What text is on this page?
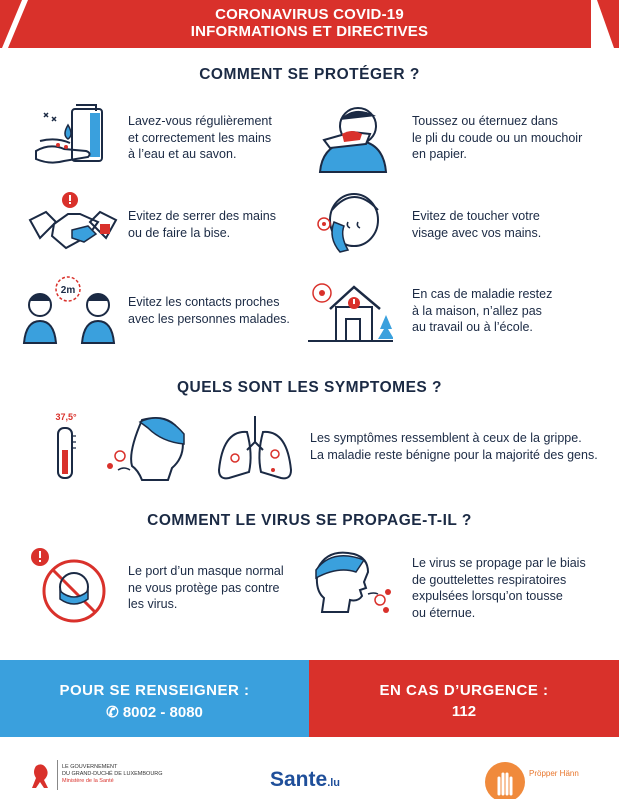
CORONAVIRUS COVID-19
INFORMATIONS ET DIRECTIVES
COMMENT SE PROTÉGER ?
Lavez-vous régulièrement
et correctement les mains
à l’eau et au savon.
Toussez ou éternuez dans
le pli du coude ou un mouchoir
en papier.
Evitez de serrer des mains
ou de faire la bise.
Evitez de toucher votre
visage avec vos mains.
2m
Evitez les contacts proches
avec les personnes malades.
En cas de maladie restez
à la maison, n’allez pas
au travail ou à l’école.
QUELS SONT LES SYMPTOMES ?
37,5°
Les symptômes ressemblent à ceux de la grippe.
La maladie reste bénigne pour la majorité des gens.
COMMENT LE VIRUS SE PROPAGE-T-IL ?
Le port d’un masque normal
ne vous protège pas contre
les virus.
Le virus se propage par le biais
de gouttelettes respiratoires
expulsées lorsqu’on tousse
ou éternue.
POUR SE RENSEIGNER :
✆ 8002 - 8080
EN CAS D’URGENCE :
112
LE GOUVERNEMENT
DU GRAND-DUCHÉ DE LUXEMBOURG
Ministère de la Santé	Sante.lu
Pröpper Hänn
